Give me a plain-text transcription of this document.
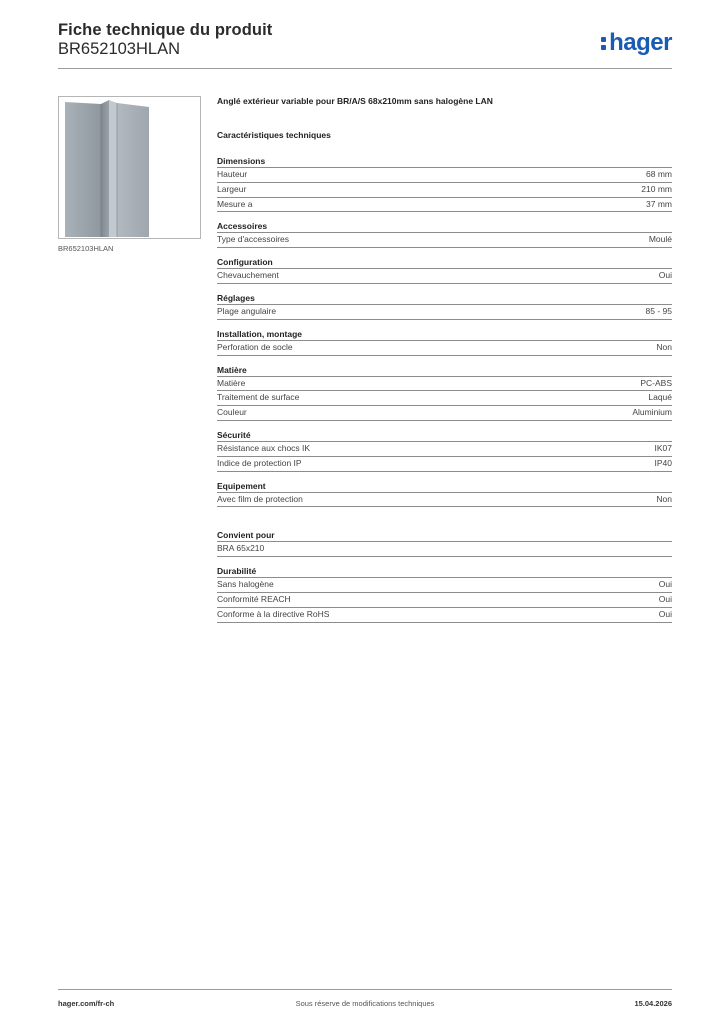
Fiche technique du produit
BR652103HLAN	hager
BR652103HLAN
Anglé extérieur variable pour BR/A/S 68x210mm sans halogène LAN
Caractéristiques techniques
Dimensions
Hauteur	68 mm
Largeur	210 mm
Mesure a	37 mm
Accessoires
Type d'accessoires	Moulé
Configuration
Chevauchement	Oui
Réglages
Plage angulaire	85 - 95
Installation, montage
Perforation de socle	Non
Matière
Matière	PC-ABS
Traitement de surface	Laqué
Couleur	Aluminium
Sécurité
Résistance aux chocs IK	IK07
Indice de protection IP	IP40
Equipement
Avec film de protection	Non
Convient pour
BRA 65x210
Durabilité
Sans halogène	Oui
Conformité REACH	Oui
Conforme à la directive RoHS	Oui
hager.com/fr-ch	Sous réserve de modifications techniques	15.04.2026
